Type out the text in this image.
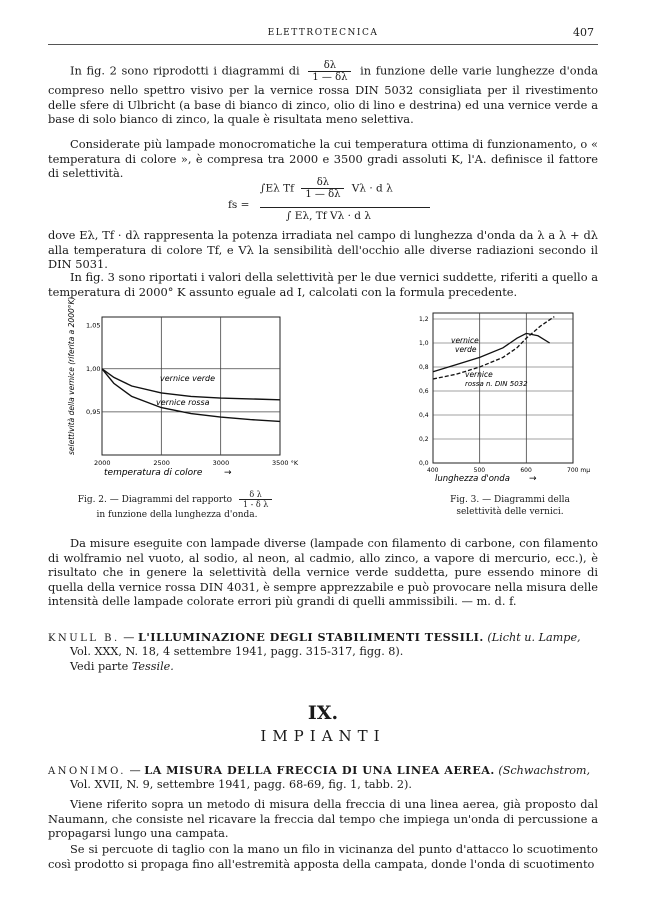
ELETTROTECNICA	407
In fig. 2 sono riprodotti i diagrammi di $\frac{\delta\lambda}{1 — \delta\lambda}$ in funzione delle varie lunghezze d'onda compreso nello spettro visivo per la vernice rossa DIN 5032 consigliata per il rivestimento delle sfere di Ulbricht (a base di bianco di zinco, olio di lino e destrina) ed una vernice verde a base di solo bianco di zinco, la quale è risultata meno selettiva.
Considerate più lampade monocromatiche la cui temperatura ottima di funzionamento, o « temperatura di colore », è compresa tra 2000 e 3500 gradi assoluti K, l'A. definisce il fattore di selettività.
fs =
∫Eλ Tf $\frac{\delta\lambda}{1 — \delta\lambda}$ Vλ · d λ
∫ Eλ, Tf Vλ · d λ
dove Eλ, Tf · dλ rappresenta la potenza irradiata nel campo di lunghezza d'onda da λ a λ + dλ alla temperatura di colore Tf, e Vλ la sensibilità dell'occhio alle diverse radiazioni secondo il DIN 5031.
In fig. 3 sono riportati i valori della selettività per le due vernici suddette, riferiti a quello a temperatura di 2000° K assunto eguale ad I, calcolati con la formula precedente.
2000	2500	3000	3500 °K
0,95
1,00
1,05
vernice verde
vernice rossa
selettività della vernice (riferita a 2000°K)
temperatura di colore →
Fig. 2. — Diagrammi del rapporto $\frac{\text{δ λ}}{\text{1 - δ λ}}$

in funzione della lunghezza d'onda.
400	500	600	700 mμ
0,0
0,2
0,4
0,6
0,8
1,0
1,2
vernice
verde
vernice
rossa n. DIN 5032
lunghezza d'onda →
Fig. 3. — Diagrammi della selettività delle vernici.
Da misure eseguite con lampade diverse (lampade con filamento di carbone, con filamento di wolframio nel vuoto, al sodio, al neon, al cadmio, allo zinco, a vapore di mercurio, ecc.), è risultato che in genere la selettività della vernice verde suddetta, pure essendo minore di quella della vernice rossa DIN 4031, è sempre apprezzabile e può provocare nella misura delle intensità delle lampade colorate errori più grandi di quelli ammissibili. — m. d. f.
KNULL B. — L'ILLUMINAZIONE DEGLI STABILIMENTI TESSILI. (Licht u. Lampe,
Vol. XXX, N. 18, 4 settembre 1941, pagg. 315-317, figg. 8).
Vedi parte Tessile.
IX.
IMPIANTI
ANONIMO. — LA MISURA DELLA FRECCIA DI UNA LINEA AEREA. (Schwachstrom,
Vol. XVII, N. 9, settembre 1941, pagg. 68-69, fig. 1, tabb. 2).
Viene riferito sopra un metodo di misura della freccia di una linea aerea, già proposto dal Naumann, che consiste nel ricavare la freccia dal tempo che impiega un'onda di percussione a propagarsi lungo una campata.
Se si percuote di taglio con la mano un filo in vicinanza del punto d'attacco lo scuotimento così prodotto si propaga fino all'estremità apposta della campata, donde l'onda di scuotimento
